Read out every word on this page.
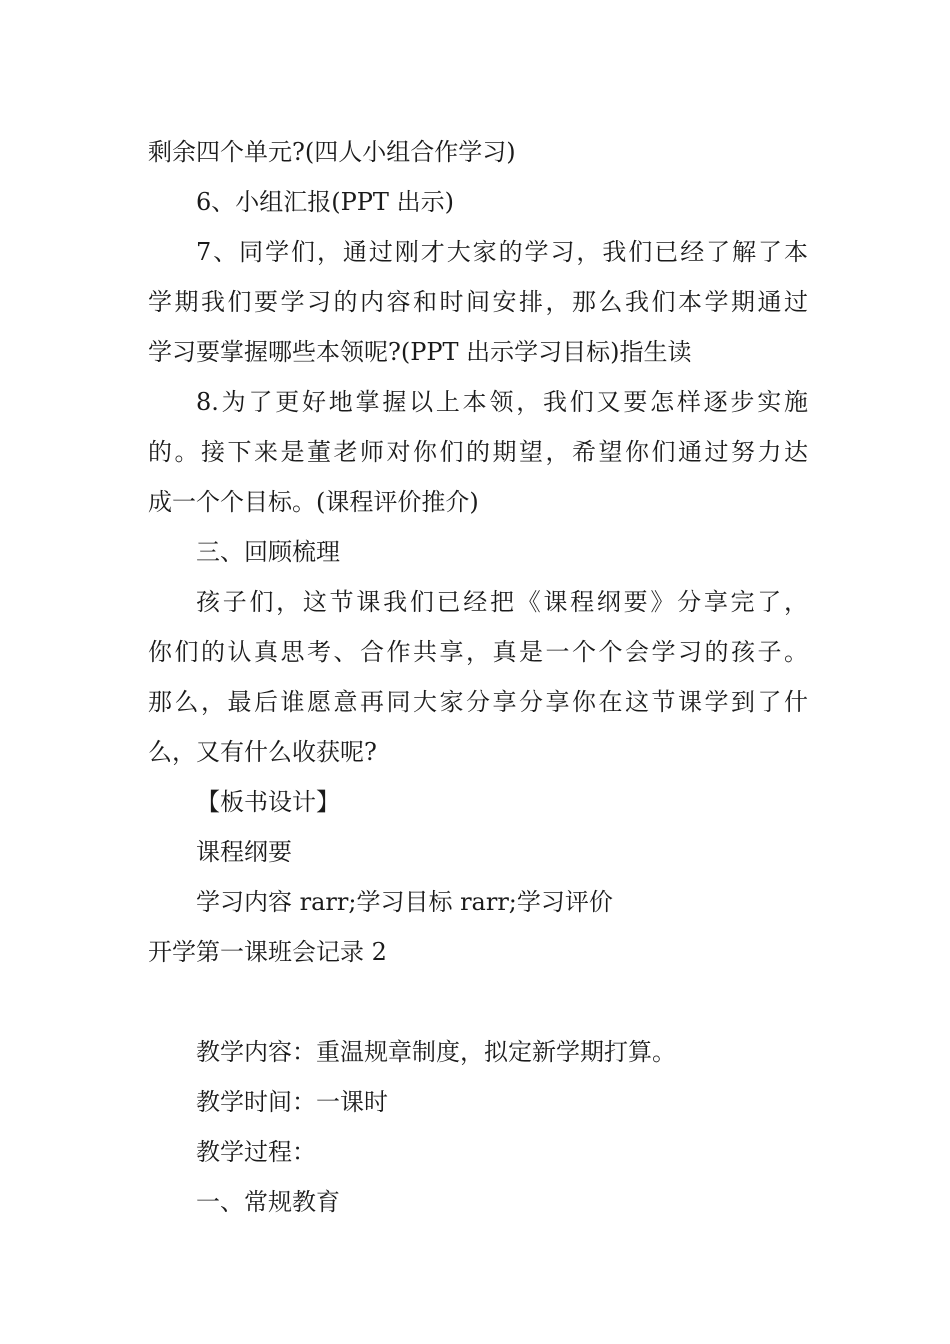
剩余四个单元?(四人小组合作学习)
6、小组汇报(PPT 出示)
7、同学们，通过刚才大家的学习，我们已经了解了本
学期我们要学习的内容和时间安排，那么我们本学期通过
学习要掌握哪些本领呢?(PPT 出示学习目标)指生读
8.为了更好地掌握以上本领，我们又要怎样逐步实施
的。接下来是董老师对你们的期望，希望你们通过努力达
成一个个目标。(课程评价推介)
三、回顾梳理
孩子们，这节课我们已经把《课程纲要》分享完了，
你们的认真思考、合作共享，真是一个个会学习的孩子。
那么，最后谁愿意再同大家分享分享你在这节课学到了什
么，又有什么收获呢?
【板书设计】
课程纲要
学习内容 rarr;学习目标 rarr;学习评价
开学第一课班会记录 2
教学内容：重温规章制度，拟定新学期打算。
教学时间：一课时
教学过程：
一、常规教育
